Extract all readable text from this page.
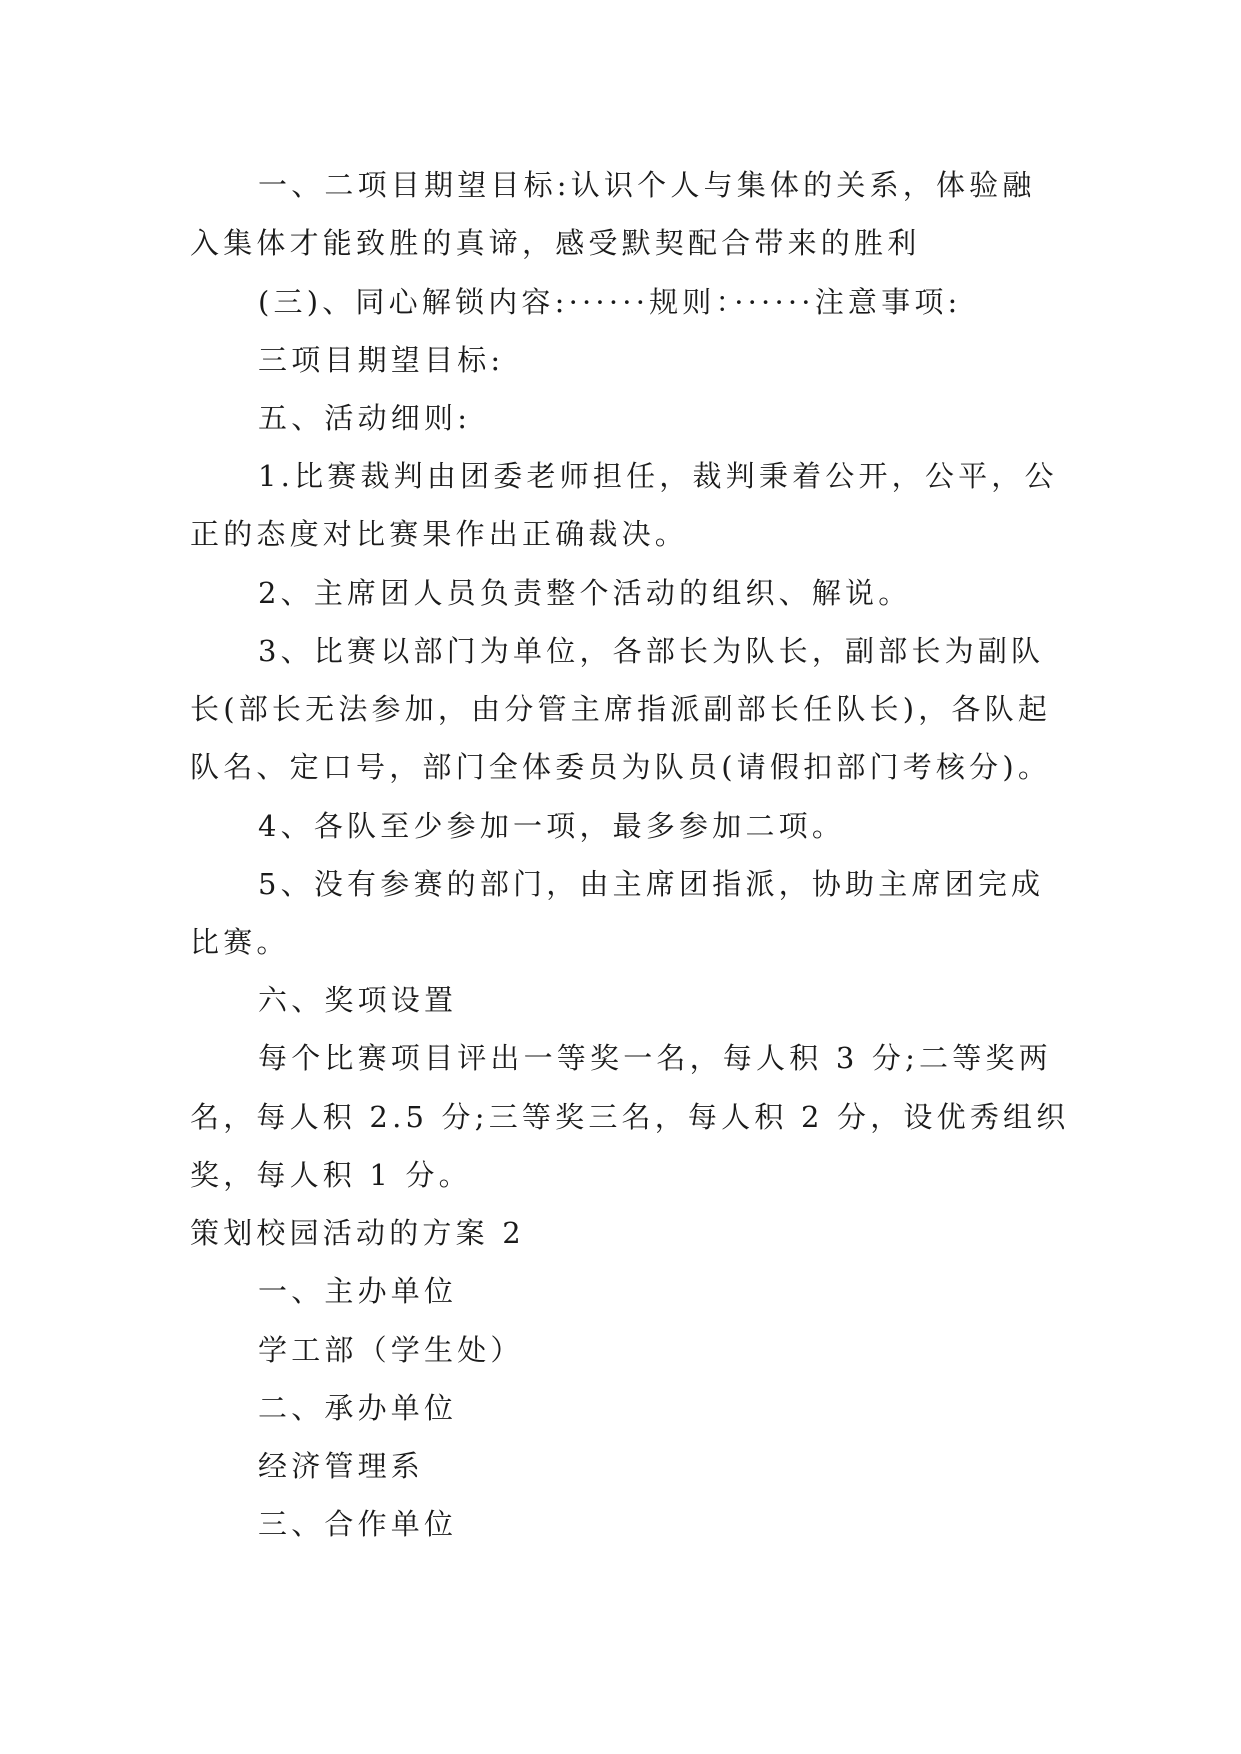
一、二项目期望目标:认识个人与集体的关系，体验融
入集体才能致胜的真谛，感受默契配合带来的胜利
(三)、同心解锁内容:······规则：······注意事项:
三项目期望目标:
五、活动细则:
1.比赛裁判由团委老师担任，裁判秉着公开，公平，公
正的态度对比赛果作出正确裁决。
2、主席团人员负责整个活动的组织、解说。
3、比赛以部门为单位，各部长为队长，副部长为副队
长(部长无法参加，由分管主席指派副部长任队长)，各队起
队名、定口号，部门全体委员为队员(请假扣部门考核分)。
4、各队至少参加一项，最多参加二项。
5、没有参赛的部门，由主席团指派，协助主席团完成
比赛。
六、奖项设置
每个比赛项目评出一等奖一名，每人积 3 分;二等奖两
名，每人积 2.5 分;三等奖三名，每人积 2 分，设优秀组织
奖，每人积 1 分。
策划校园活动的方案 2
一、主办单位
学工部（学生处）
二、承办单位
经济管理系
三、合作单位
